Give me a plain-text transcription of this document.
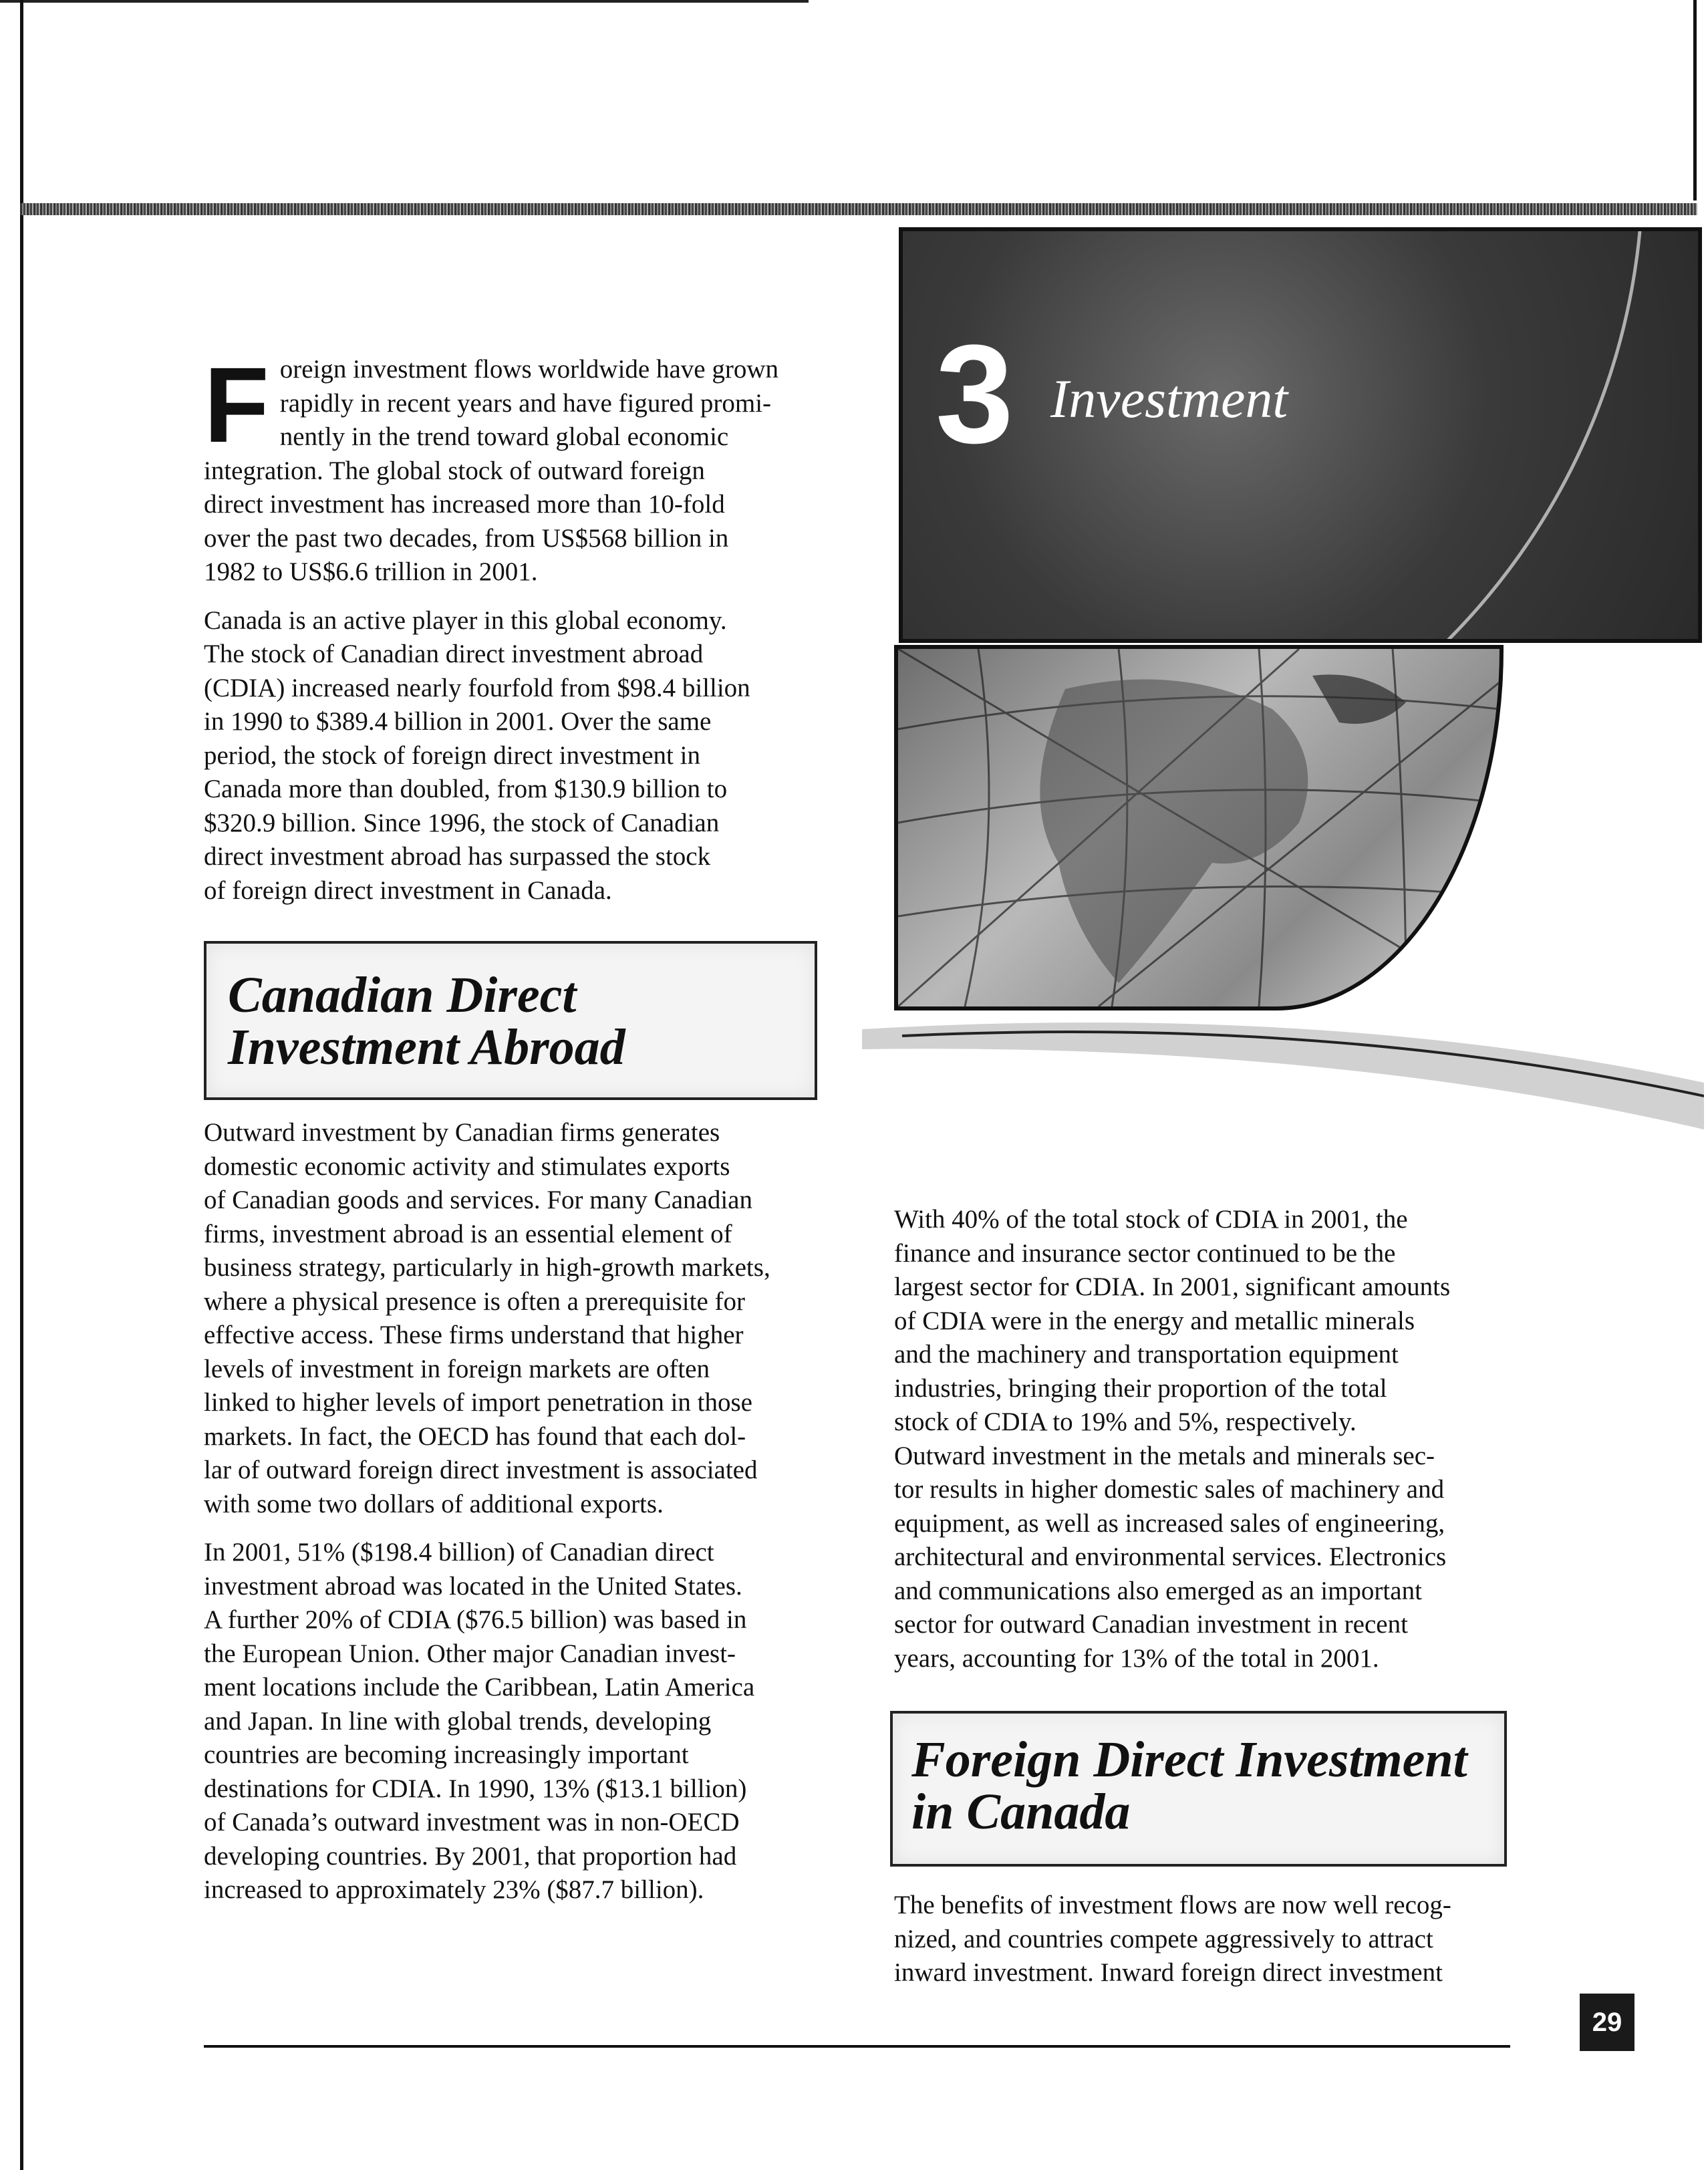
3 Investment
F oreign investment flows worldwide have grown
rapidly in recent years and have figured promi-
nently in the trend toward global economic
integration. The global stock of outward foreign
direct investment has increased more than 10-fold
over the past two decades, from US$568 billion in
1982 to US$6.6 trillion in 2001.

Canada is an active player in this global economy.
The stock of Canadian direct investment abroad
(CDIA) increased nearly fourfold from $98.4 billion
in 1990 to $389.4 billion in 2001. Over the same
period, the stock of foreign direct investment in
Canada more than doubled, from $130.9 billion to
$320.9 billion. Since 1996, the stock of Canadian
direct investment abroad has surpassed the stock
of foreign direct investment in Canada.

Canadian Direct
Investment Abroad

Outward investment by Canadian firms generates
domestic economic activity and stimulates exports
of Canadian goods and services. For many Canadian
firms, investment abroad is an essential element of
business strategy, particularly in high-growth markets,
where a physical presence is often a prerequisite for
effective access. These firms understand that higher
levels of investment in foreign markets are often
linked to higher levels of import penetration in those
markets. In fact, the OECD has found that each dol-
lar of outward foreign direct investment is associated
with some two dollars of additional exports.

In 2001, 51% ($198.4 billion) of Canadian direct
investment abroad was located in the United States.
A further 20% of CDIA ($76.5 billion) was based in
the European Union. Other major Canadian invest-
ment locations include the Caribbean, Latin America
and Japan. In line with global trends, developing
countries are becoming increasingly important
destinations for CDIA. In 1990, 13% ($13.1 billion)
of Canada’s outward investment was in non-OECD
developing countries. By 2001, that proportion had
increased to approximately 23% ($87.7 billion).

With 40% of the total stock of CDIA in 2001, the
finance and insurance sector continued to be the
largest sector for CDIA. In 2001, significant amounts
of CDIA were in the energy and metallic minerals
and the machinery and transportation equipment
industries, bringing their proportion of the total
stock of CDIA to 19% and 5%, respectively.
Outward investment in the metals and minerals sec-
tor results in higher domestic sales of machinery and
equipment, as well as increased sales of engineering,
architectural and environmental services. Electronics
and communications also emerged as an important
sector for outward Canadian investment in recent
years, accounting for 13% of the total in 2001.

Foreign Direct Investment
in Canada

The benefits of investment flows are now well recog-
nized, and countries compete aggressively to attract
inward investment. Inward foreign direct investment

29
